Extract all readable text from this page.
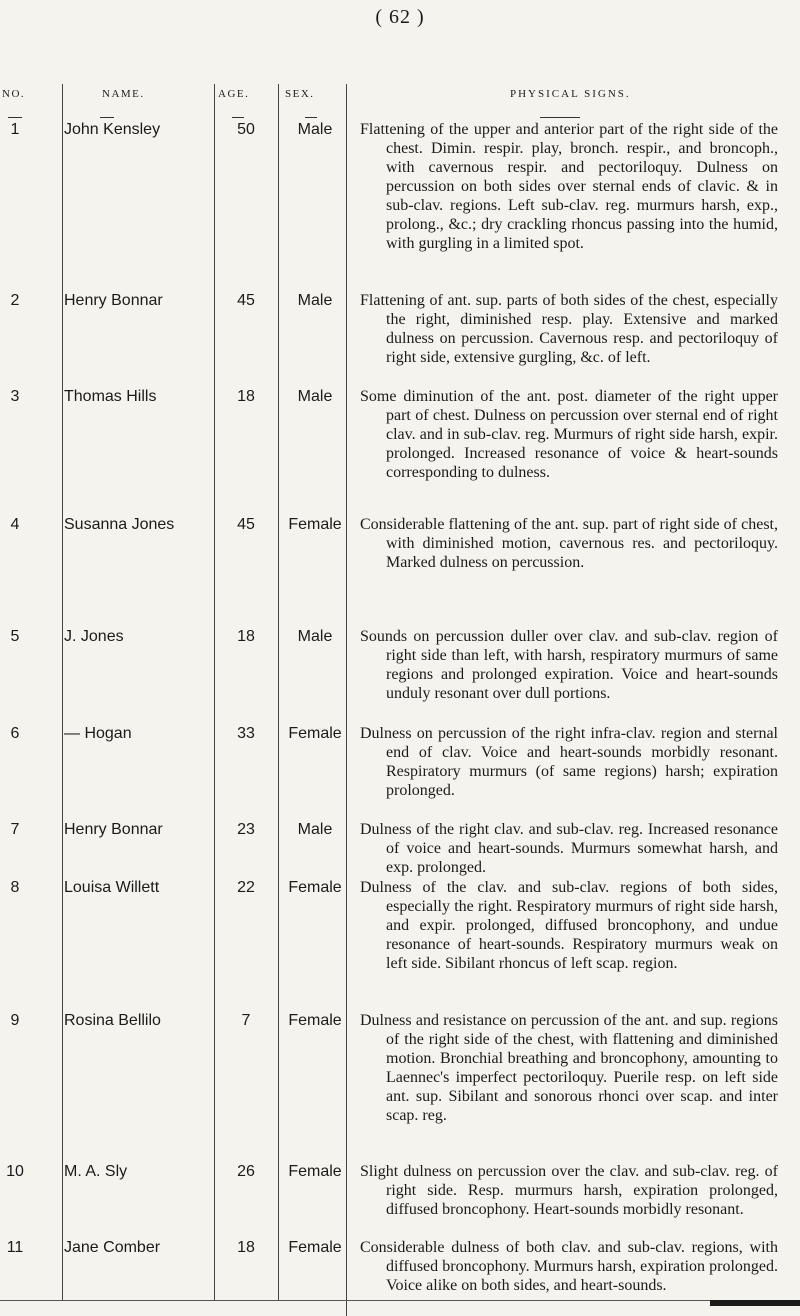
( 62 )
NO.	NAME.	AGE.	SEX.	PHYSICAL SIGNS.
1	John Kensley	50	Male	Flattening of the upper and anterior part of the right side of the chest. Dimin. respir. play, bronch. respir., and broncoph., with cavernous respir. and pectoriloquy. Dulness on percussion on both sides over sternal ends of clavic. & in sub-clav. regions. Left sub-clav. reg. murmurs harsh, exp., prolong., &c.; dry crackling rhoncus passing into the humid, with gurgling in a limited spot.
2	Henry Bonnar	45	Male	Flattening of ant. sup. parts of both sides of the chest, especially the right, diminished resp. play. Extensive and marked dulness on percussion. Cavernous resp. and pectoriloquy of right side, extensive gurgling, &c. of left.
3	Thomas Hills	18	Male	Some diminution of the ant. post. diameter of the right upper part of chest. Dulness on percussion over sternal end of right clav. and in sub-clav. reg. Murmurs of right side harsh, expir. prolonged. Increased resonance of voice & heart-sounds corresponding to dulness.
4	Susanna Jones	45	Female	Considerable flattening of the ant. sup. part of right side of chest, with diminished motion, cavernous res. and pectoriloquy. Marked dulness on percussion.
5	J. Jones	18	Male	Sounds on percussion duller over clav. and sub-clav. region of right side than left, with harsh, respiratory murmurs of same regions and prolonged expiration. Voice and heart-sounds unduly resonant over dull portions.
6	— Hogan	33	Female	Dulness on percussion of the right infra-clav. region and sternal end of clav. Voice and heart-sounds morbidly resonant. Respiratory murmurs (of same regions) harsh; expiration prolonged.
7	Henry Bonnar	23	Male	Dulness of the right clav. and sub-clav. reg. Increased resonance of voice and heart-sounds. Murmurs somewhat harsh, and exp. prolonged.
8	Louisa Willett	22	Female	Dulness of the clav. and sub-clav. regions of both sides, especially the right. Respiratory murmurs of right side harsh, and expir. prolonged, diffused broncophony, and undue resonance of heart-sounds. Respiratory murmurs weak on left side. Sibilant rhoncus of left scap. region.
9	Rosina Bellilo	7	Female	Dulness and resistance on percussion of the ant. and sup. regions of the right side of the chest, with flattening and diminished motion. Bronchial breathing and broncophony, amounting to Laennec's imperfect pectoriloquy. Puerile resp. on left side ant. sup. Sibilant and sonorous rhonci over scap. and inter scap. reg.
10	M. A. Sly	26	Female	Slight dulness on percussion over the clav. and sub-clav. reg. of right side. Resp. murmurs harsh, expiration prolonged, diffused broncophony. Heart-sounds morbidly resonant.
11	Jane Comber	18	Female	Considerable dulness of both clav. and sub-clav. regions, with diffused broncophony. Murmurs harsh, expiration prolonged. Voice alike on both sides, and heart-sounds.
